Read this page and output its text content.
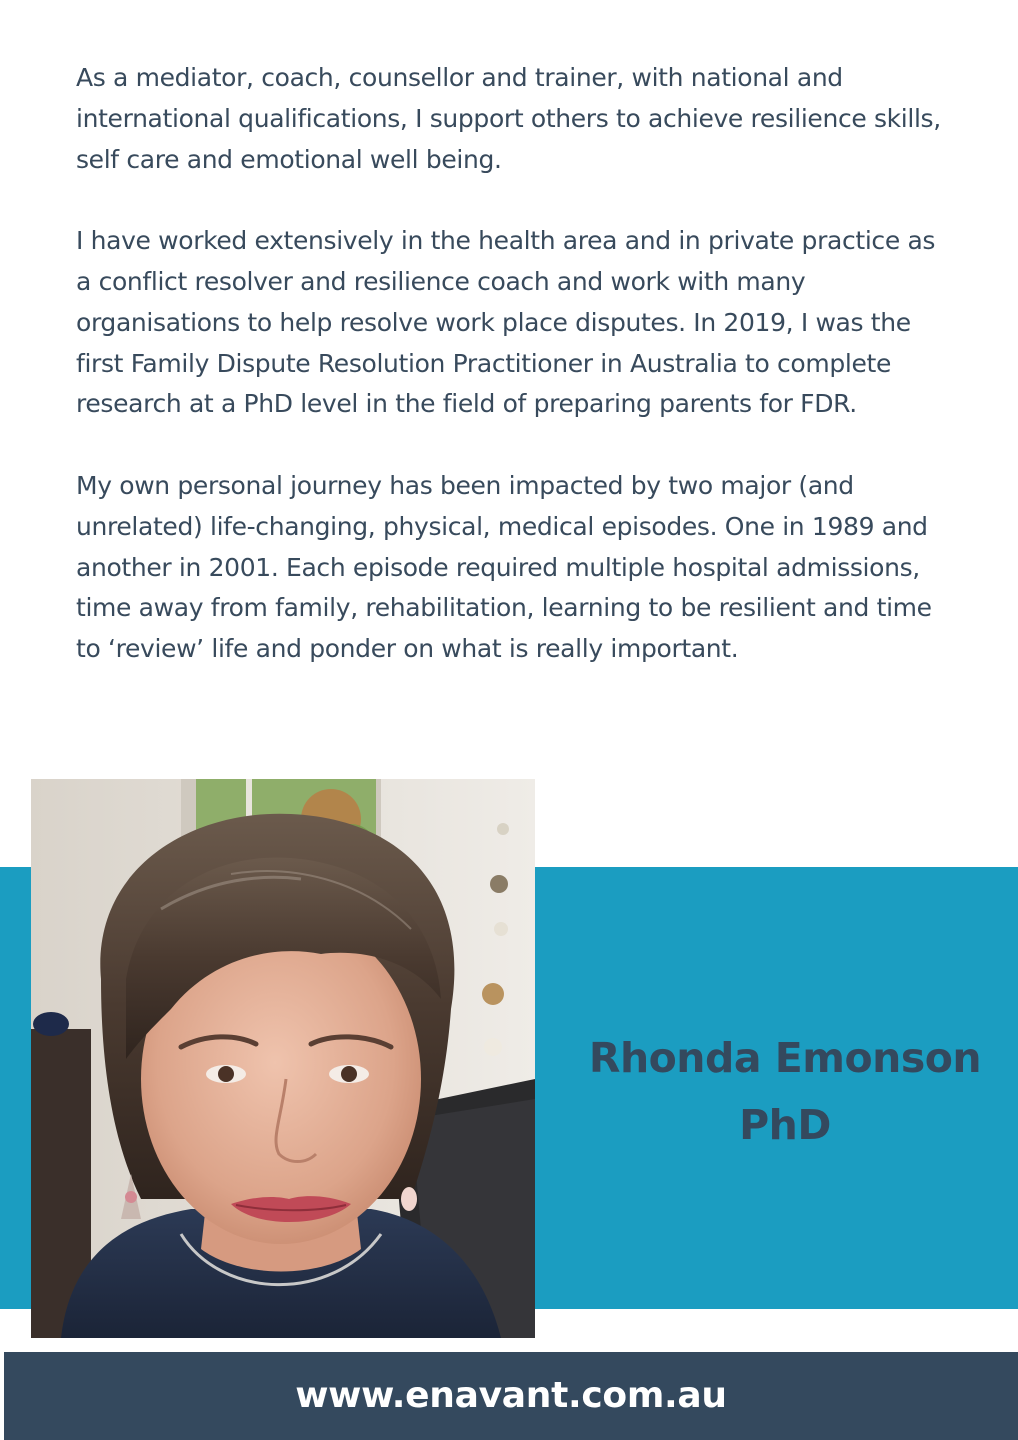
As a mediator, coach, counsellor and trainer, with national and international qualifications, I support others to achieve resilience skills, self care and emotional well being.

I have worked extensively in the health area and in private practice as a conflict resolver and resilience coach and work with many organisations to help resolve work place disputes. In 2019, I was the first Family Dispute Resolution Practitioner in Australia to complete research at a PhD level in the field of preparing parents for FDR.

My own personal journey has been impacted by two major (and unrelated) life-changing, physical, medical episodes. One in 1989 and another in 2001. Each episode required multiple hospital admissions, time away from family, rehabilitation, learning to be resilient and time to ‘review’ life and ponder on what is really important.

Rhonda Emonson
PhD
www.enavant.com.au
